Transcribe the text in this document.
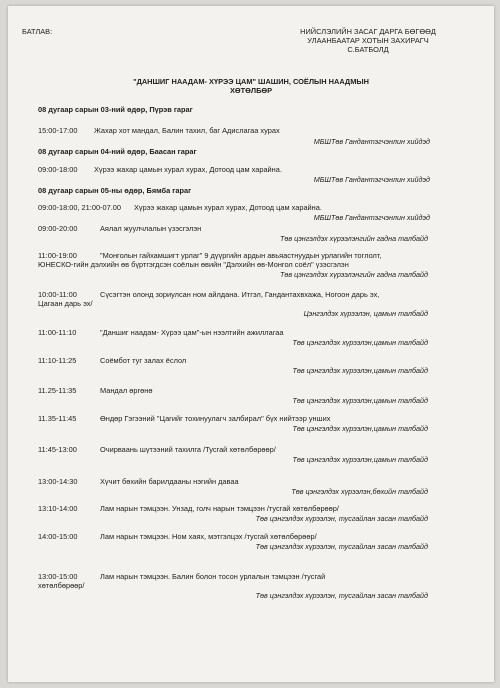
БАТЛАВ:	НИЙСЛЭЛИЙН ЗАСАГ ДАРГА БӨГӨӨД
УЛААНБААТАР ХОТЫН ЗАХИРАГЧ
С.БАТБОЛД
"ДАНШИГ НААДАМ- ХҮРЭЭ ЦАМ" ШАШИН, СОЁЛЫН НААДМЫН
ХӨТӨЛБӨР
08 дугаар сарын 03-ний өдөр, Пүрэв гараг
15:00-17:00 Жахар хот мандал, Балин тахил, баг Адислагаа хурах
МБШТөв Гандантэгчэнлин хийдэд
08 дугаар сарын 04-ний өдөр, Баасан гараг
09:00-18:00 Хүрээ жахар цамын хурал хурах, Дотоод цам харайна.
МБШТөв Гандантэгчэнлин хийдэд
08 дугаар сарын 05-ны өдөр, Бямба гараг
09:00-18:00, 21:00-07.00 Хүрээ жахар цамын хурал хурах, Дотоод цам харайна.
МБШТөв Гандантэгчэнлин хийдэд
09:00-20:00	Аялал жуулчлалын үзэсгэлэн
Төв цэнгэлдэх хүрээлэнгийн гадна талбайд
11:00-19:00	"Монголын гайхамшигт урлаг" 9 дүүргийн ардын авьяастнуудын урлагийн тоглолт,
ЮНЕСКО-гийн дэлхийн өв бүртгэгдсэн соёлын өвийн "Дэлхийн өв-Монгол соёл" үзэсгэлэн
Төв цэнгэлдэх хүрээлэнгийн гадна талбайд
10:00-11:00	Сүсэгтэн олонд зориулсан ном айлдана. Итгэл, Гандантахвхажа, Ногоон дарь эх,
Цагаан дарь эх/
Цэнгэлдэх хүрээлэн, цамын талбайд
11:00-11:10	"Даншиг наадам- Хүрээ цам"-ын нээлтийн ажиллагаа
Төв цэнгэлдэх хүрээлэн,цамын талбайд
11:10-11:25	Соёмбот туг залах ёслол
Төв цэнгэлдэх хүрээлэн,цамын талбайд
11.25-11:35	Мандал өргөнө
Төв цэнгэлдэх хүрээлэн,цамын талбайд
11.35-11:45	Өндөр Гэгээний "Цагийг тохинуулагч залбирал" бүх нийтээр унших
Төв цэнгэлдэх хүрээлэн,цамын талбайд
11:45-13:00	Очирваань шүтээний тахилга /Тусгай хөтөлбөрөөр/
Төв цэнгэлдэх хүрээлэн,цамын талбайд
13:00-14:30	Хүчит бөхийн барилдааны нэгийн даваа
Төв цэнгэлдэх хүрээлэн,бөхийн талбайд
13:10-14:00	Лам нарын тэмцээн. Унзад, голч нарын тэмцээн /тусгай хөтөлбөрөөр/
Төв цэнгэлдэх хүрээлэн, тусгайлан засан талбайд
14:00-15:00	Лам нарын тэмцээн. Ном хаях, мэтгэлцэх /тусгай хөтөлбөрөөр/
Төв цэнгэлдэх хүрээлэн, тусгайлан засан талбайд
13:00-15:00	Лам нарын тэмцээн. Балин болон тосон урлалын тэмцээн /тусгай
хөтөлбөрөөр/
Төв цэнгэлдэх хүрээлэн, тусгайлан засан талбайд
